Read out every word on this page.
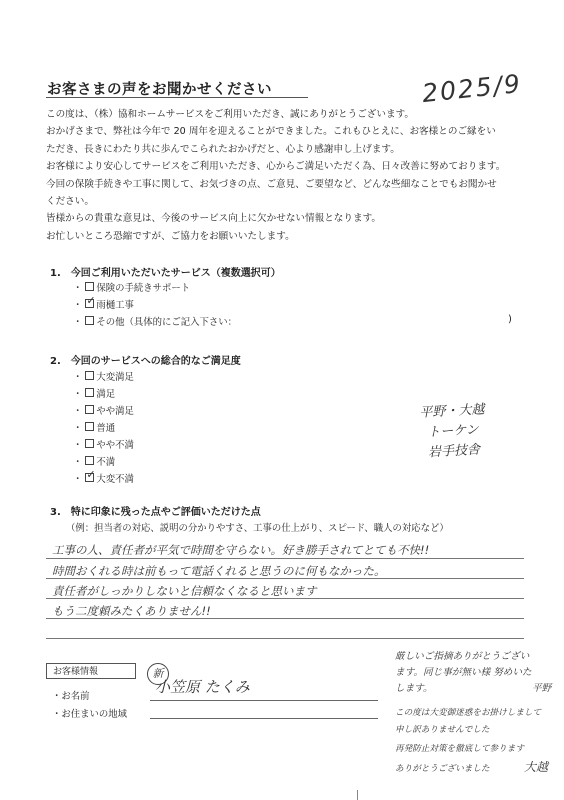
お客さまの声をお聞かせください	2025/9

この度は、（株）協和ホームサービスをご利用いただき、誠にありがとうございます。

おかげさまで、弊社は今年で 20 周年を迎えることができました。これもひとえに、お客様とのご縁をい

ただき、長きにわたり共に歩んでこられたおかげだと、心より感謝申し上げます。

お客様により安心してサービスをご利用いただき、心からご満足いただく為、日々改善に努めております。

今回の保険手続きや工事に関して、お気づきの点、ご意見、ご要望など、どんな些細なことでもお聞かせ

ください。

皆様からの貴重な意見は、今後のサービス向上に欠かせない情報となります。

お忙しいところ恐縮ですが、ご協力をお願いいたします。

1.　今回ご利用いただいたサービス（複数選択可）
・ 保険の手続きサポート
・ ✓ 雨樋工事
・ その他（具体的にご記入下さい：	)
2.　今回のサービスへの総合的なご満足度
・ 大変満足
・ 満足
・ やや満足
・ 普通
・ やや不満
・ 不満
・ ✓ 大変不満
平野・大越
トーケン
岩手技舎
3.　特に印象に残った点やご評価いただけた点
（例：担当者の対応、説明の分かりやすさ、工事の仕上がり、スピード、職人の対応など）
工事の人、責任者が平気で時間を守らない。好き勝手されてとても不快!!
時間おくれる時は前もって電話くれると思うのに何もなかった。
責任者がしっかりしないと信頼なくなると思います
もう二度頼みたくありません!!
お客様情報
・お名前
・お住まいの地域
新
小笠原 たくみ
厳しいご指摘ありがとうござい
ます。同じ事が無い様 努めいた
します。	平野
この度は大変御迷惑をお掛けしまして
申し訳ありませんでした
再発防止対策を徹底して参ります
ありがとうございました	大越
